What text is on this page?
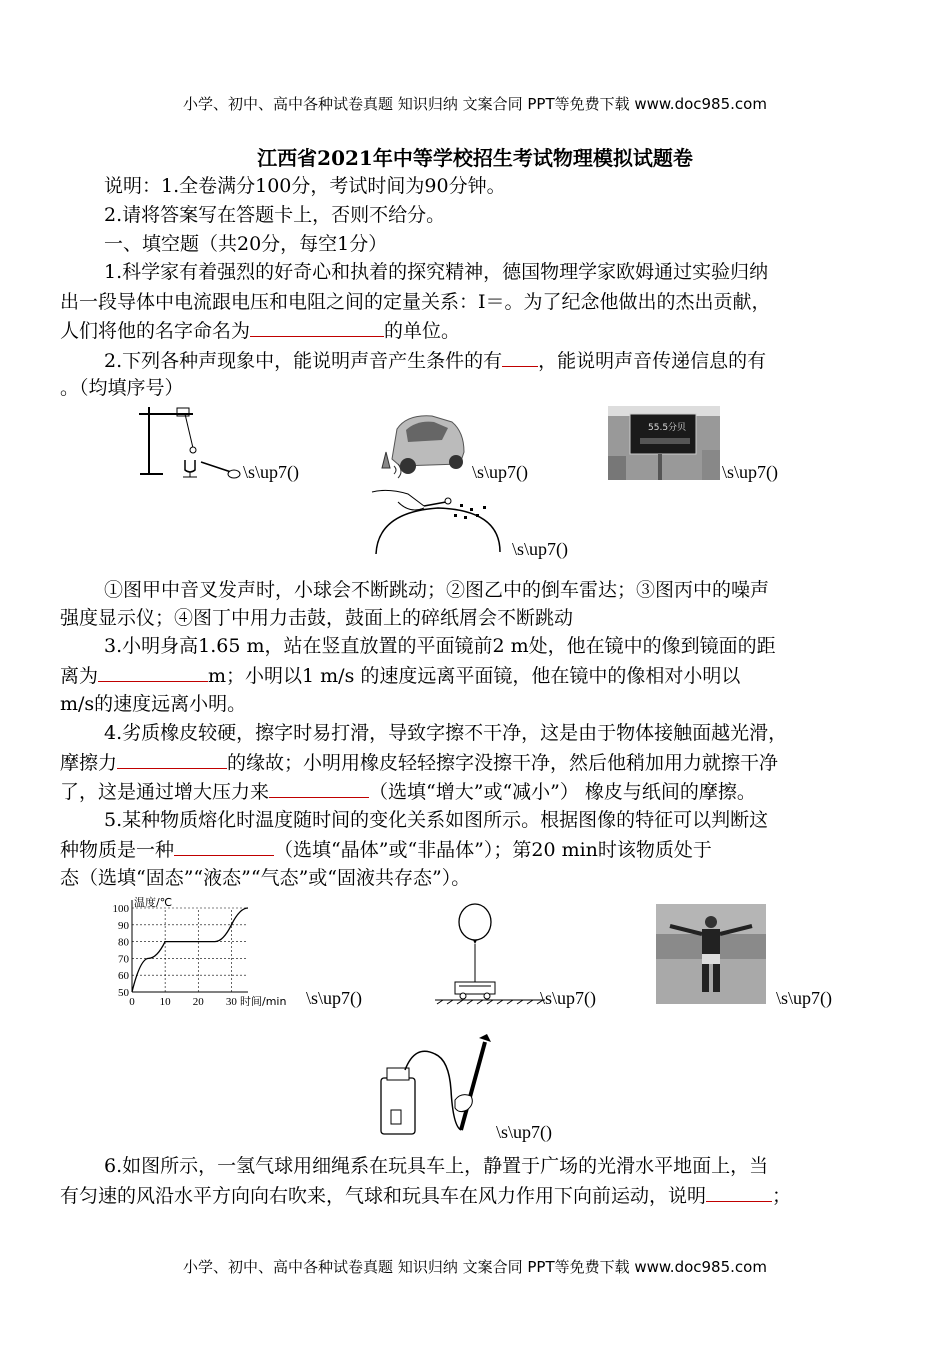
小学、初中、高中各种试卷真题 知识归纳 文案合同 PPT等免费下载 www.doc985.com
江西省2021年中等学校招生考试物理模拟试题卷
说明：1.全卷满分100分，考试时间为90分钟。
2.请将答案写在答题卡上，否则不给分。
一、填空题（共20分，每空1分）
1.科学家有着强烈的好奇心和执着的探究精神，德国物理学家欧姆通过实验归纳
出一段导体中电流跟电压和电阻之间的定量关系：I＝。为了纪念他做出的杰出贡献，
人们将他的名字命名为	的单位。
2.下列各种声现象中，能说明声音产生条件的有 ，能说明声音传递信息的有
。（均填序号）
\s\up7()	\s\up7()
55.5分贝
\s\up7()
\s\up7()
①图甲中音叉发声时，小球会不断跳动；②图乙中的倒车雷达；③图丙中的噪声
强度显示仪；④图丁中用力击鼓，鼓面上的碎纸屑会不断跳动
3.小明身高1.65 m，站在竖直放置的平面镜前2 m处，他在镜中的像到镜面的距
离为	m；小明以1 m/s 的速度远离平面镜，他在镜中的像相对小明以
m/s的速度远离小明。
4.劣质橡皮较硬，擦字时易打滑，导致字擦不干净，这是由于物体接触面越光滑，
摩擦力	的缘故；小明用橡皮轻轻擦字没擦干净，然后他稍加用力就擦干净
了，这是通过增大压力来	（选填“增大”或“减小”） 橡皮与纸间的摩擦。
5.某种物质熔化时温度随时间的变化关系如图所示。根据图像的特征可以判断这
种物质是一种	（选填“晶体”或“非晶体”）；第20 min时该物质处于
态（选填“固态”“液态”“气态”或“固液共存态”）。
温度/℃
时间/min
50
60
70
80
90
100
0 10 20 30	\s\up7()	\s\up7()	\s\up7()
\s\up7()
6.如图所示，一氢气球用细绳系在玩具车上，静置于广场的光滑水平地面上，当
有匀速的风沿水平方向向右吹来，气球和玩具车在风力作用下向前运动，说明	；
小学、初中、高中各种试卷真题 知识归纳 文案合同 PPT等免费下载 www.doc985.com
